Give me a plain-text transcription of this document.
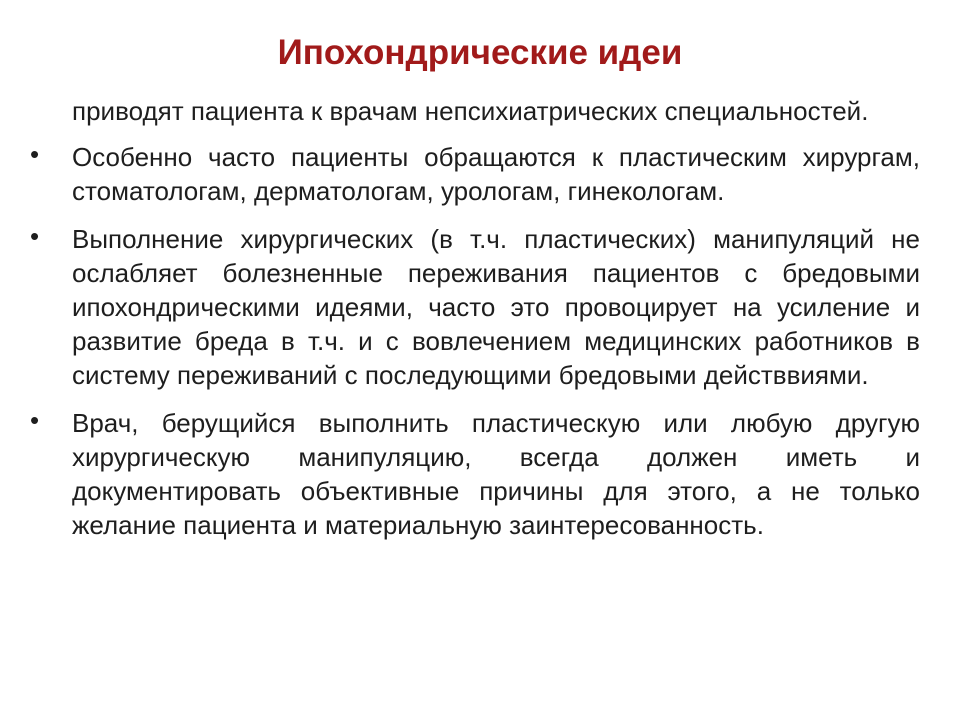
Ипохондрические идеи

приводят пациента к врачам непсихиатрических специальностей.

•	Особенно часто пациенты обращаются к пластическим хирургам, стоматологам, дерматологам, урологам, гинекологам.

•	Выполнение хирургических (в т.ч. пластических) манипуляций не ослабляет болезненные переживания пациентов с бредовыми ипохондрическими идеями, часто это провоцирует на усиление и развитие бреда в т.ч. и с вовлечением медицинских работников в систему переживаний с последующими бредовыми действвиями.

•	Врач, берущийся выполнить пластическую или любую другую хирургическую манипуляцию, всегда должен иметь и документировать объективные причины для этого, а не только желание пациента и материальную заинтересованность.
